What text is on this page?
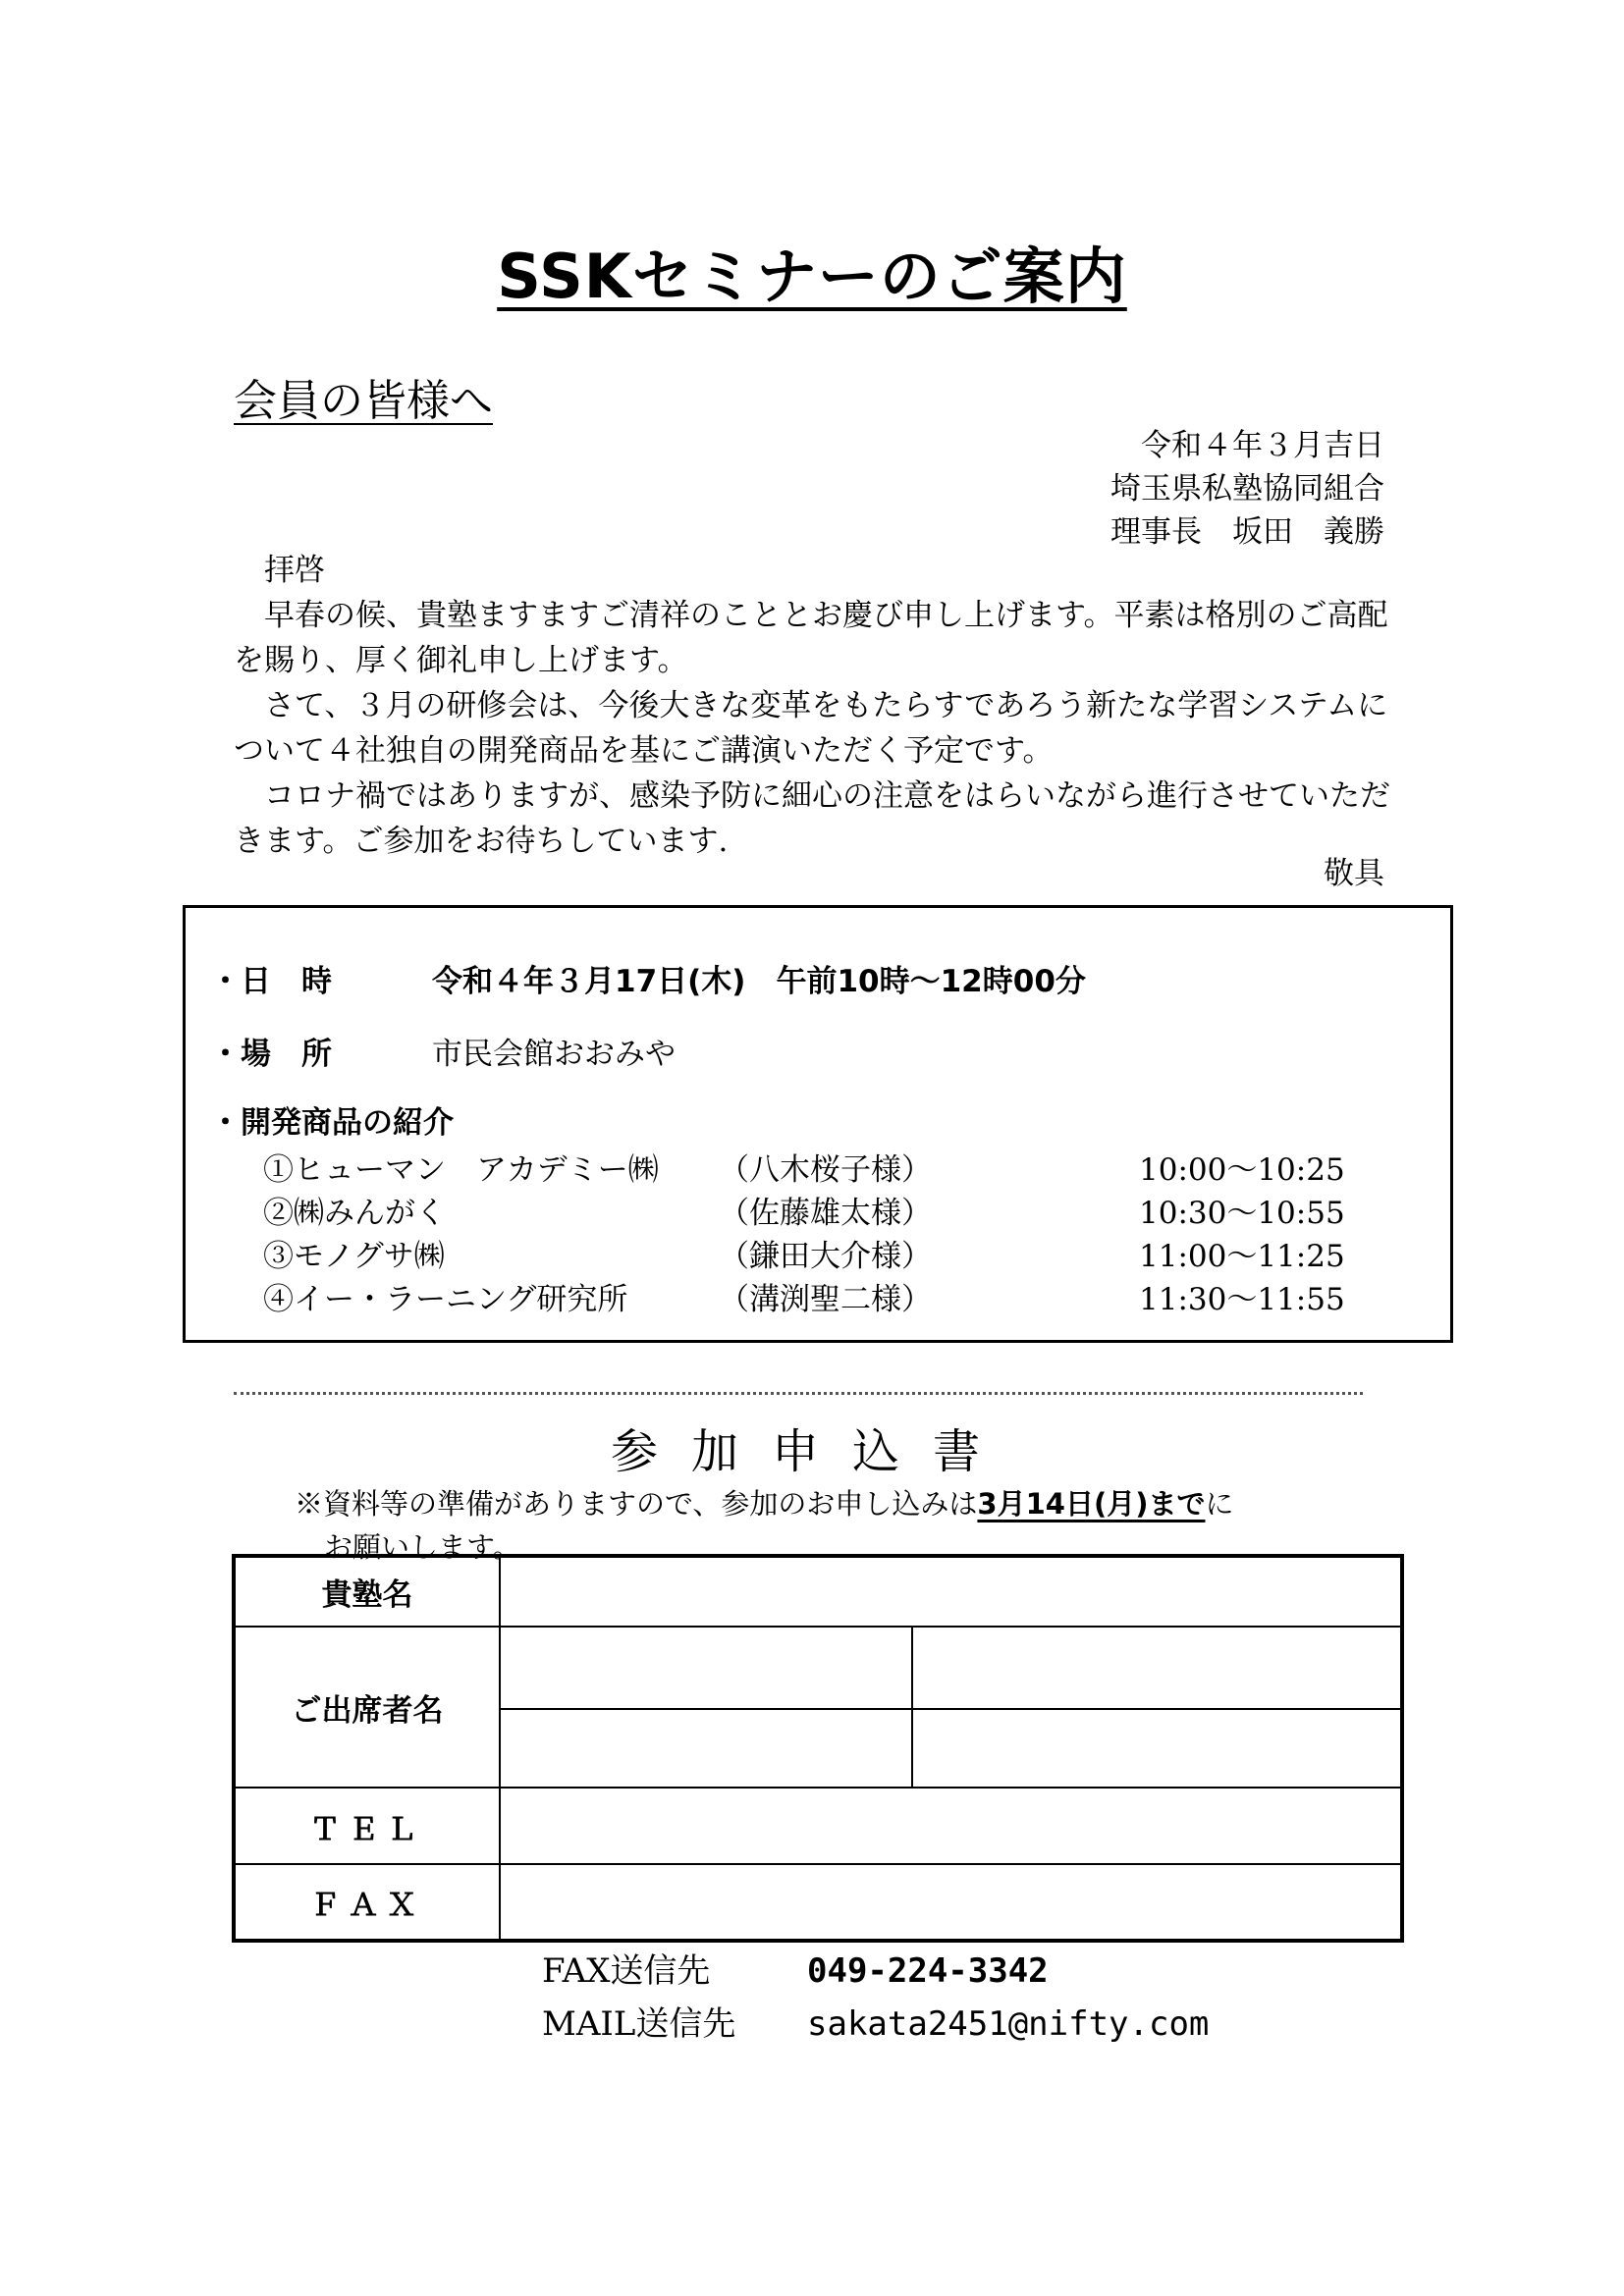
SSKセミナーのご案内
会員の皆様へ
令和４年３月吉日
埼玉県私塾協同組合
理事長　坂田　義勝
拝啓
早春の候、貴塾ますますご清祥のこととお慶び申し上げます。平素は格別のご高配を賜り、厚く御礼申し上げます。
さて、３月の研修会は、今後大きな変革をもたらすであろう新たな学習システムについて４社独自の開発商品を基にご講演いただく予定です。
コロナ禍ではありますが、感染予防に細心の注意をはらいながら進行させていただきます。ご参加をお待ちしています.
敬具
・日　時	令和４年３月17日(木)　午前10時～12時00分
・場　所	市民会館おおみや
・開発商品の紹介
①ヒューマン　アカデミー㈱ （八木桜子様）	10:00～10:25
②㈱みんがく	（佐藤雄太様）	10:30～10:55
③モノグサ㈱	（鎌田大介様）	11:00～11:25
④イー・ラーニング研究所	（溝渕聖二様）	11:30～11:55
参加申込書
※資料等の準備がありますので、参加のお申し込みは3月14日(月)までに
お願いします。
貴塾名		
ご出席者名		

ＴＥＬ		
ＦＡＸ		
FAX送信先	049-224-3342
MAIL送信先 sakata2451@nifty.com
